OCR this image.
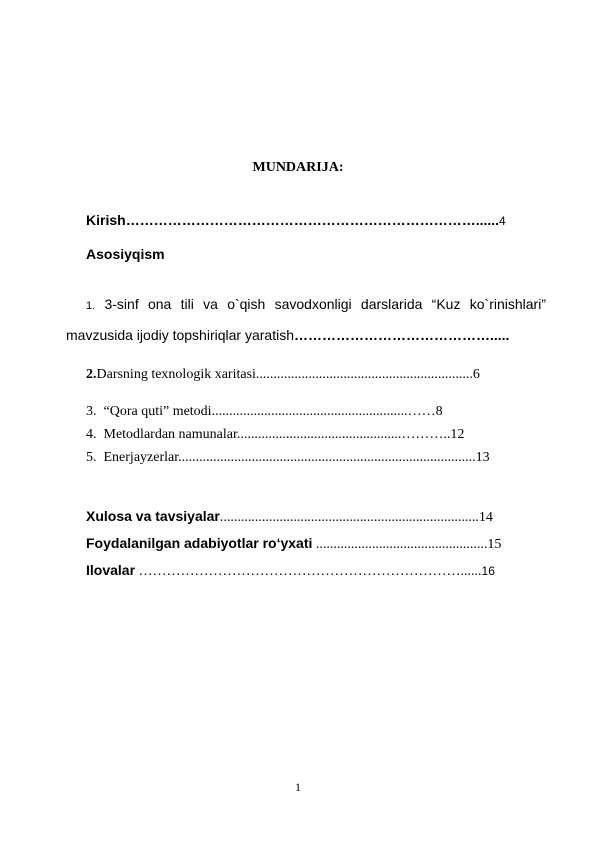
MUNDARIJA:
Kirish…………………………………………………………………......4
Asosiyqism
1. 3-sinf ona tili va o`qish savodxonligi darslarida “Kuz ko`rinishlari”
mavzusida ijodiy topshiriqlar yaratish…………………………………….....
2.Darsning texnologik xaritasi..............................................................6
3. “Qora quti” metodi........................................................……8
4. Metodlardan namunalar...............................................………..12
5. Enerjayzerlar.....................................................................................13
Xulosa va tavsiyalar..........................................................................14
Foydalanilgan adabiyotlar ro‘yxati .................................................15
Ilovalar ……………………………………………………………......16
1
